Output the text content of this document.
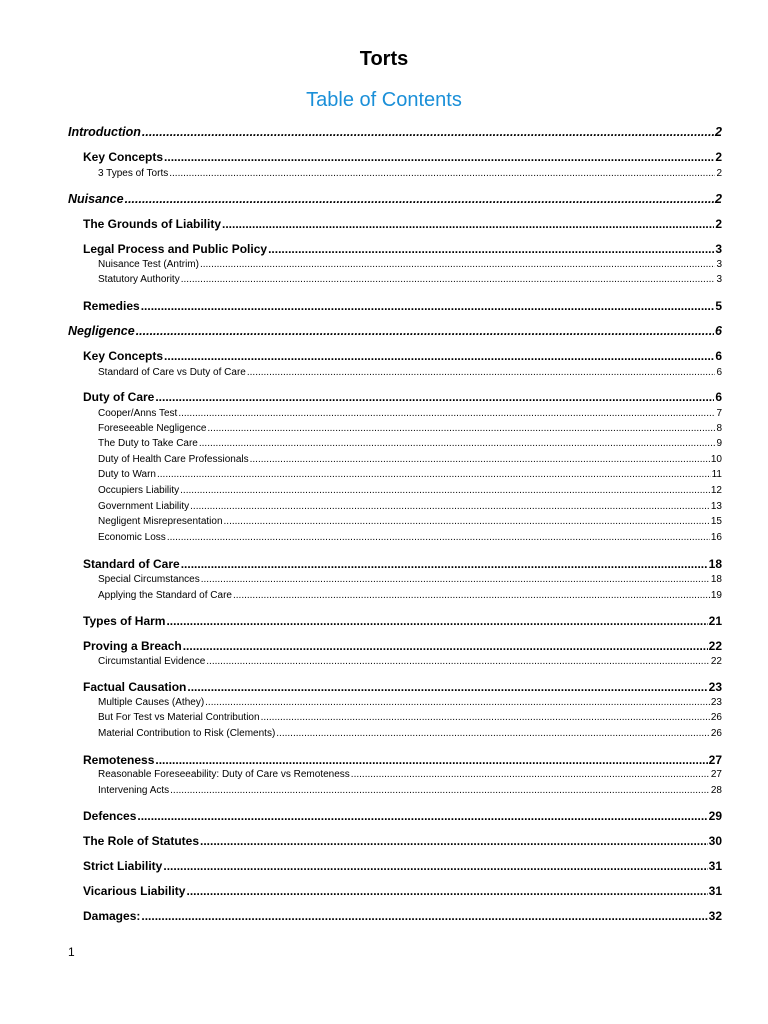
Torts
Table of Contents
Introduction .....	2
Key Concepts .....	2
3 Types of Torts .....	2
Nuisance .....	2
The Grounds of Liability .....	2
Legal Process and Public Policy .....	3
Nuisance Test (Antrim) .....	3
Statutory Authority .....	3
Remedies .....	5
Negligence .....	6
Key Concepts .....	6
Standard of Care vs Duty of Care .....	6
Duty of Care .....	6
Cooper/Anns Test .....	7
Foreseeable Negligence .....	8
The Duty to Take Care .....	9
Duty of Health Care Professionals .....	10
Duty to Warn .....	11
Occupiers Liability .....	12
Government Liability .....	13
Negligent Misrepresentation .....	15
Economic Loss .....	16
Standard of Care .....	18
Special Circumstances .....	18
Applying the Standard of Care .....	19
Types of Harm .....	21
Proving a Breach .....	22
Circumstantial Evidence .....	22
Factual Causation .....	23
Multiple Causes (Athey) .....	23
But For Test vs Material Contribution .....	26
Material Contribution to Risk (Clements) .....	26
Remoteness .....	27
Reasonable Foreseeability: Duty of Care vs Remoteness .....	27
Intervening Acts .....	28
Defences .....	29
The Role of Statutes .....	30
Strict Liability .....	31
Vicarious Liability .....	31
Damages: .....	32
1
